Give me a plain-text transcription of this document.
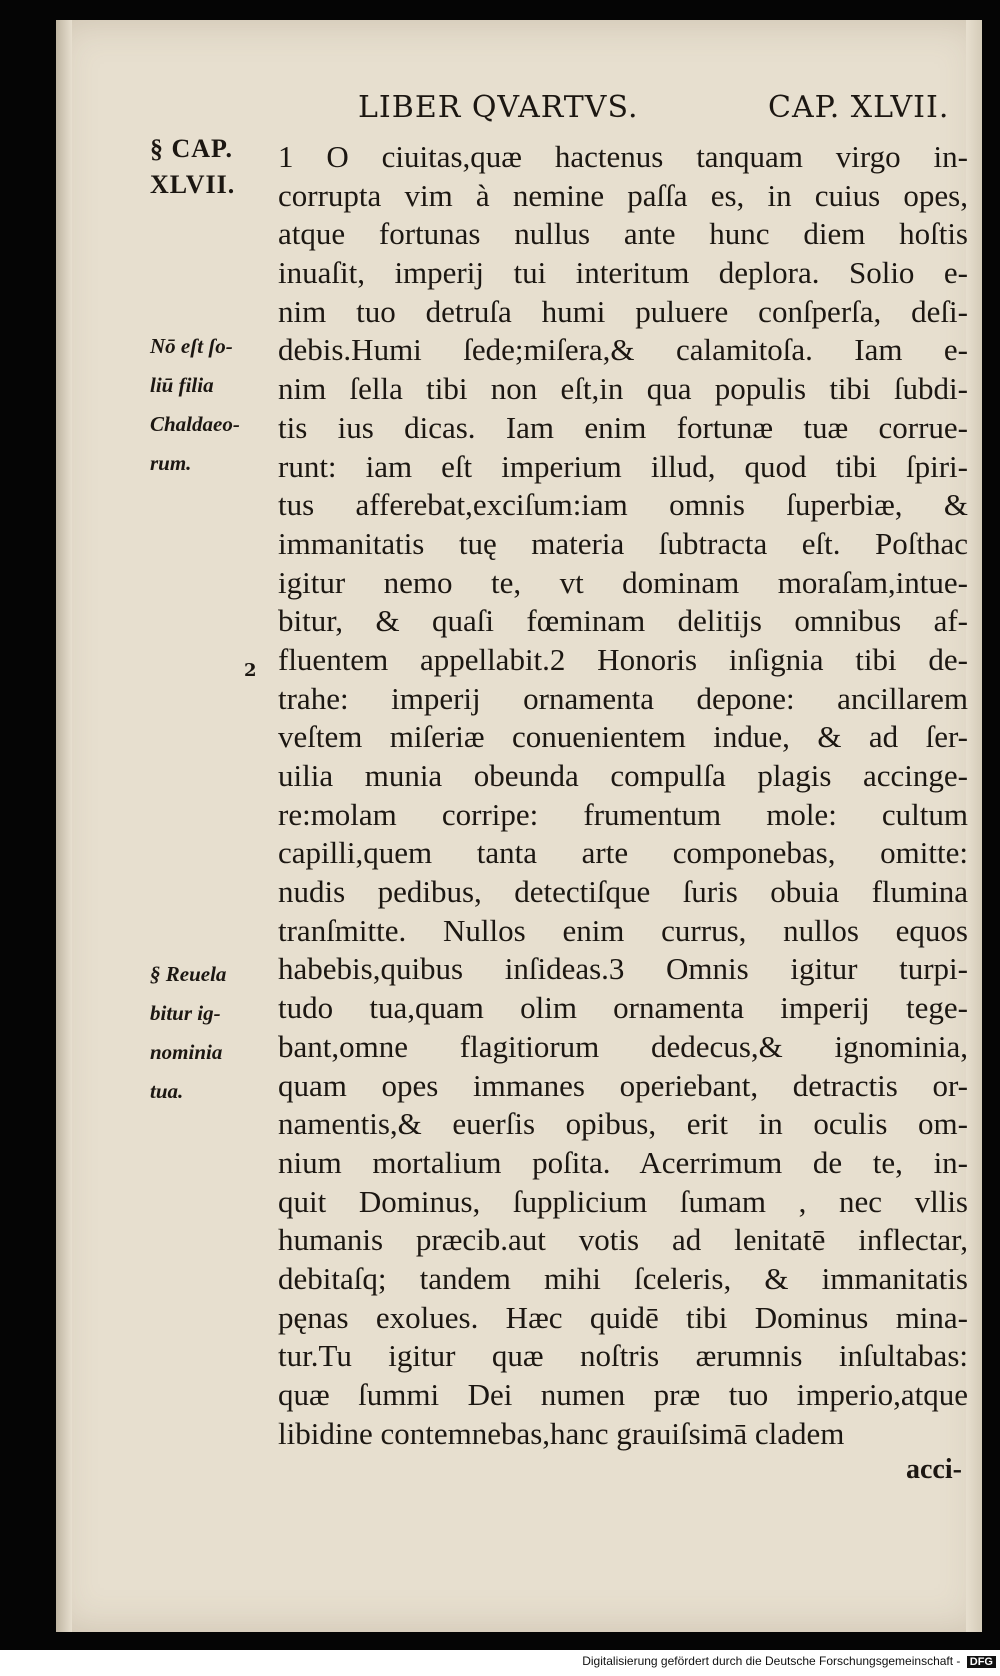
LIBER QVARTVS.	CAP. XLVII.
§ CAP.
XLVII.
Nō eſt ſo-
liū filia
Chaldaeo-
rum.
2
§ Reuela
bitur ig-
nominia
tua.
1 O ciuitas,quæ hactenus tanquam virgo in-
corrupta vim à nemine paſſa es, in cuius opes,
atque fortunas nullus ante hunc diem hoſtis
inuaſit, imperij tui interitum deplora. Solio e-
nim tuo detruſa humi puluere conſperſa, deſi-
debis.Humi ſede;miſera,& calamitoſa. Iam e-
nim ſella tibi non eſt,in qua populis tibi ſubdi-
tis ius dicas. Iam enim fortunæ tuæ corrue-
runt: iam eſt imperium illud, quod tibi ſpiri-
tus afferebat,exciſum:iam omnis ſuperbiæ, &
immanitatis tuę materia ſubtracta eſt. Poſthac
igitur nemo te, vt dominam moraſam,intue-
bitur, & quaſi fœminam delitijs omnibus af-
fluentem appellabit.2 Honoris inſignia tibi de-
trahe: imperij ornamenta depone: ancillarem
veſtem miſeriæ conuenientem indue, & ad ſer-
uilia munia obeunda compulſa plagis accinge-
re:molam corripe: frumentum mole: cultum
capilli,quem tanta arte componebas, omitte:
nudis pedibus, detectiſque ſuris obuia flumina
tranſmitte. Nullos enim currus, nullos equos
habebis,quibus inſideas.3 Omnis igitur turpi-
tudo tua,quam olim ornamenta imperij tege-
bant,omne flagitiorum dedecus,& ignominia,
quam opes immanes operiebant, detractis or-
namentis,& euerſis opibus, erit in oculis om-
nium mortalium poſita. Acerrimum de te, in-
quit Dominus, ſupplicium ſumam , nec vllis
humanis præcib.aut votis ad lenitatē inflectar,
debitaſq; tandem mihi ſceleris, & immanitatis
pęnas exolues. Hæc quidē tibi Dominus mina-
tur.Tu igitur quæ noſtris ærumnis inſultabas:
quæ ſummi Dei numen præ tuo imperio,atque
libidine contemnebas,hanc grauiſsimā cladem
acci-
Digitalisierung gefördert durch die Deutsche Forschungsgemeinschaft - DFG
